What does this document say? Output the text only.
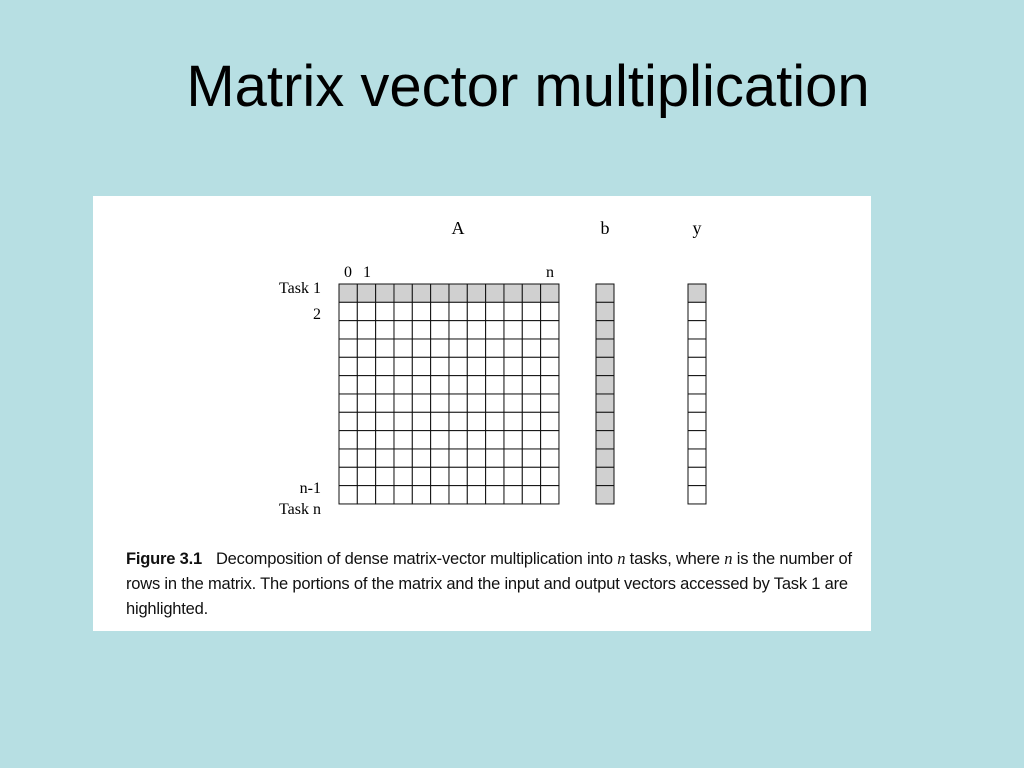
Matrix vector multiplication
A	b	y
0 1	n
Task 1
2
n-1
Task n
Figure 3.1 Decomposition of dense matrix-vector multiplication into n tasks, where n is the number of rows in the matrix. The portions of the matrix and the input and output vectors accessed by Task 1 are highlighted.
